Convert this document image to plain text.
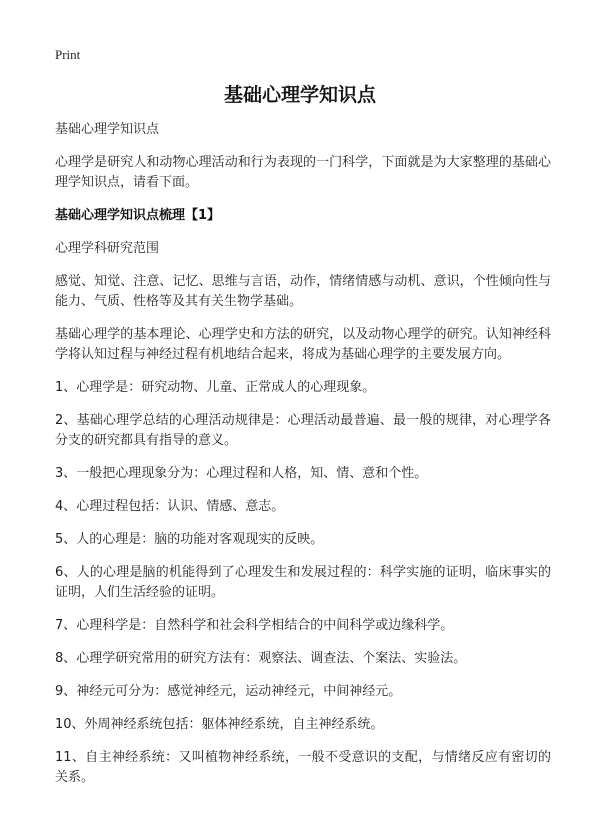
Print
基础心理学知识点

基础心理学知识点

心理学是研究人和动物心理活动和行为表现的一门科学，下面就是为大家整理的基础心理学知识点，请看下面。

基础心理学知识点梳理【1】

心理学科研究范围

感觉、知觉、注意、记忆、思维与言语，动作，情绪情感与动机、意识，个性倾向性与能力、气质、性格等及其有关生物学基础。

基础心理学的基本理论、心理学史和方法的研究，以及动物心理学的研究。认知神经科学将认知过程与神经过程有机地结合起来，将成为基础心理学的主要发展方向。

1、心理学是：研究动物、儿童、正常成人的心理现象。

2、基础心理学总结的心理活动规律是：心理活动最普遍、最一般的规律，对心理学各分支的研究都具有指导的意义。

3、一般把心理现象分为：心理过程和人格，知、情、意和个性。

4、心理过程包括：认识、情感、意志。

5、人的心理是：脑的功能对客观现实的反映。

6、人的心理是脑的机能得到了心理发生和发展过程的：科学实施的证明，临床事实的证明，人们生活经验的证明。

7、心理科学是：自然科学和社会科学相结合的中间科学或边缘科学。

8、心理学研究常用的研究方法有：观察法、调查法、个案法、实验法。

9、神经元可分为：感觉神经元，运动神经元，中间神经元。

10、外周神经系统包括：躯体神经系统，自主神经系统。

11、自主神经系统：又叫植物神经系统，一般不受意识的支配，与情绪反应有密切的关系。
